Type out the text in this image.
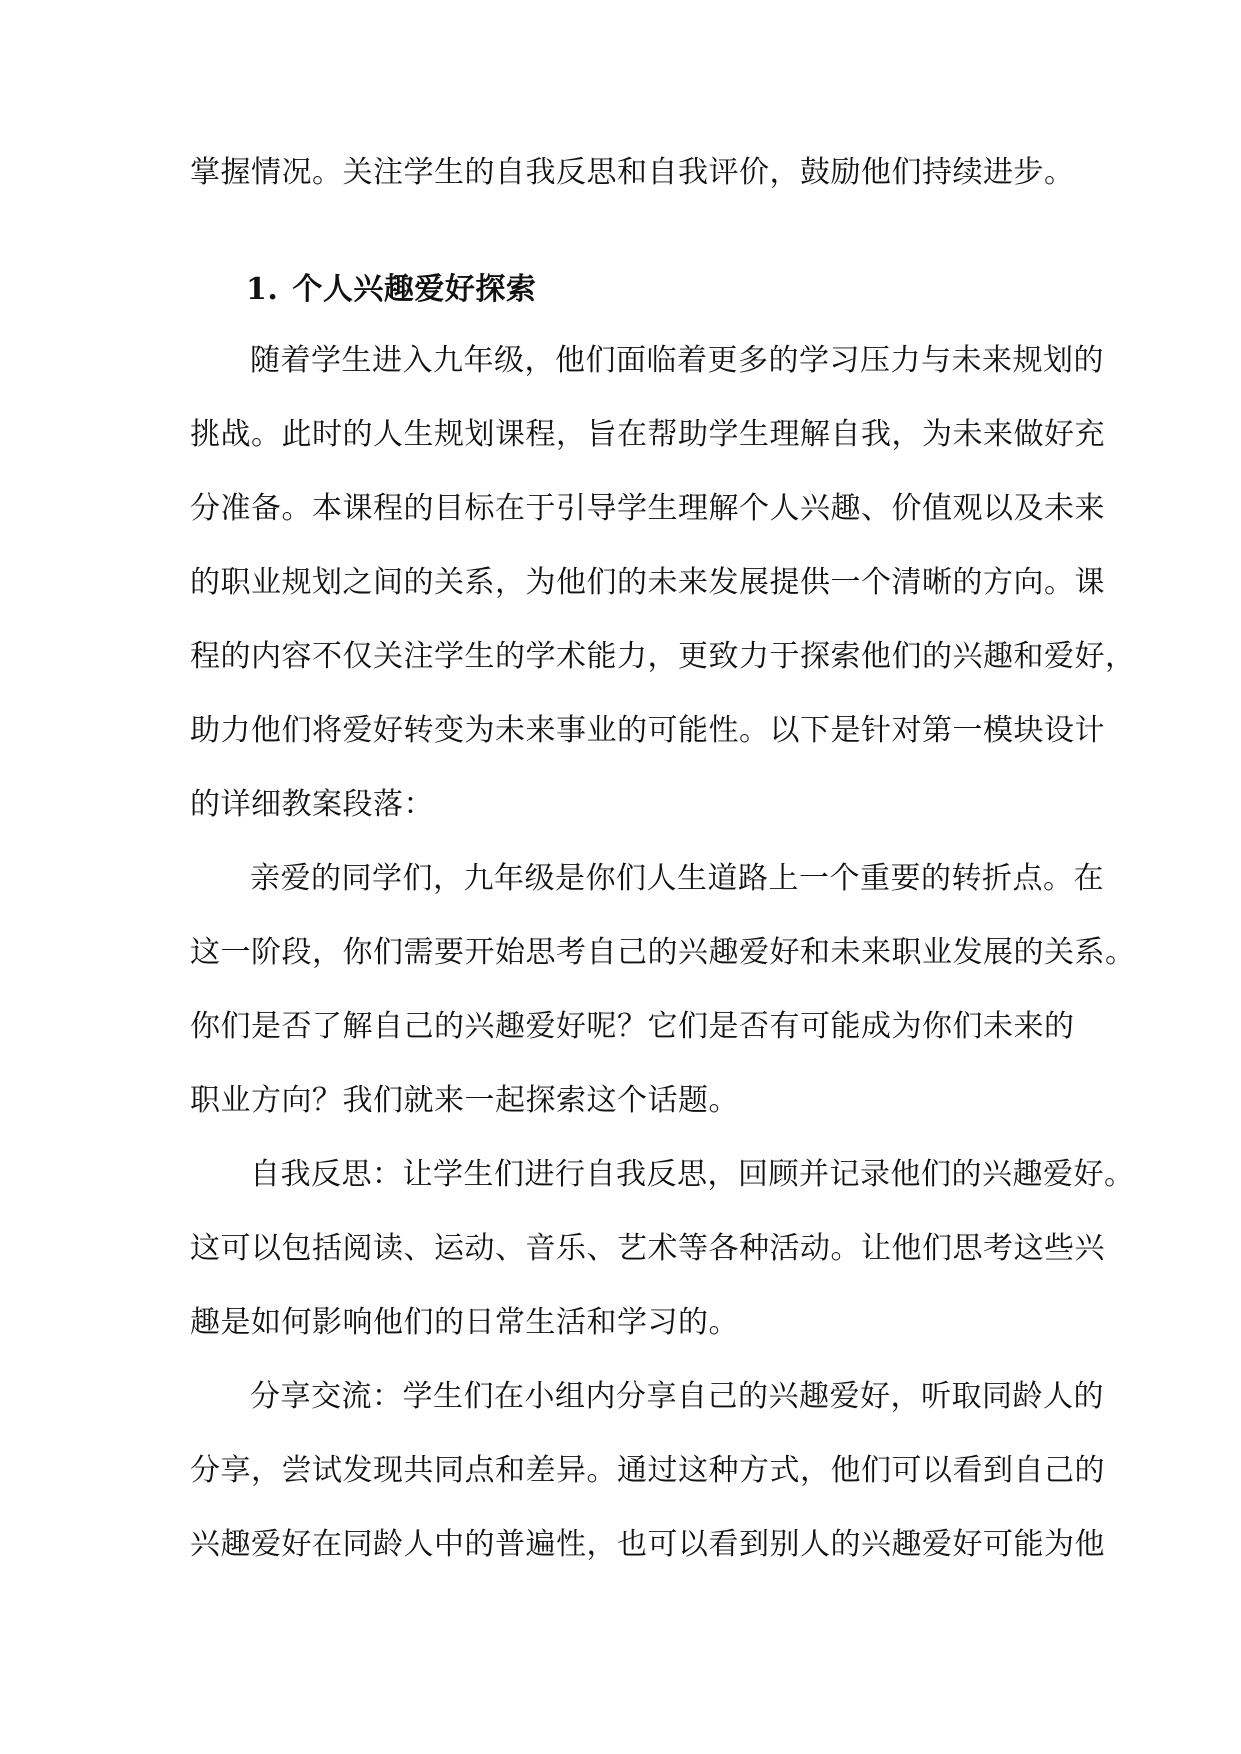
掌握情况。关注学生的自我反思和自我评价，鼓励他们持续进步。
1. 个人兴趣爱好探索
随着学生进入九年级，他们面临着更多的学习压力与未来规划的
挑战。此时的人生规划课程，旨在帮助学生理解自我，为未来做好充
分准备。本课程的目标在于引导学生理解个人兴趣、价值观以及未来
的职业规划之间的关系，为他们的未来发展提供一个清晰的方向。课
程的内容不仅关注学生的学术能力，更致力于探索他们的兴趣和爱好，
助力他们将爱好转变为未来事业的可能性。以下是针对第一模块设计
的详细教案段落：
亲爱的同学们，九年级是你们人生道路上一个重要的转折点。在
这一阶段，你们需要开始思考自己的兴趣爱好和未来职业发展的关系。
你们是否了解自己的兴趣爱好呢？它们是否有可能成为你们未来的
职业方向？我们就来一起探索这个话题。
自我反思：让学生们进行自我反思，回顾并记录他们的兴趣爱好。
这可以包括阅读、运动、音乐、艺术等各种活动。让他们思考这些兴
趣是如何影响他们的日常生活和学习的。
分享交流：学生们在小组内分享自己的兴趣爱好，听取同龄人的
分享，尝试发现共同点和差异。通过这种方式，他们可以看到自己的
兴趣爱好在同龄人中的普遍性，也可以看到别人的兴趣爱好可能为他
